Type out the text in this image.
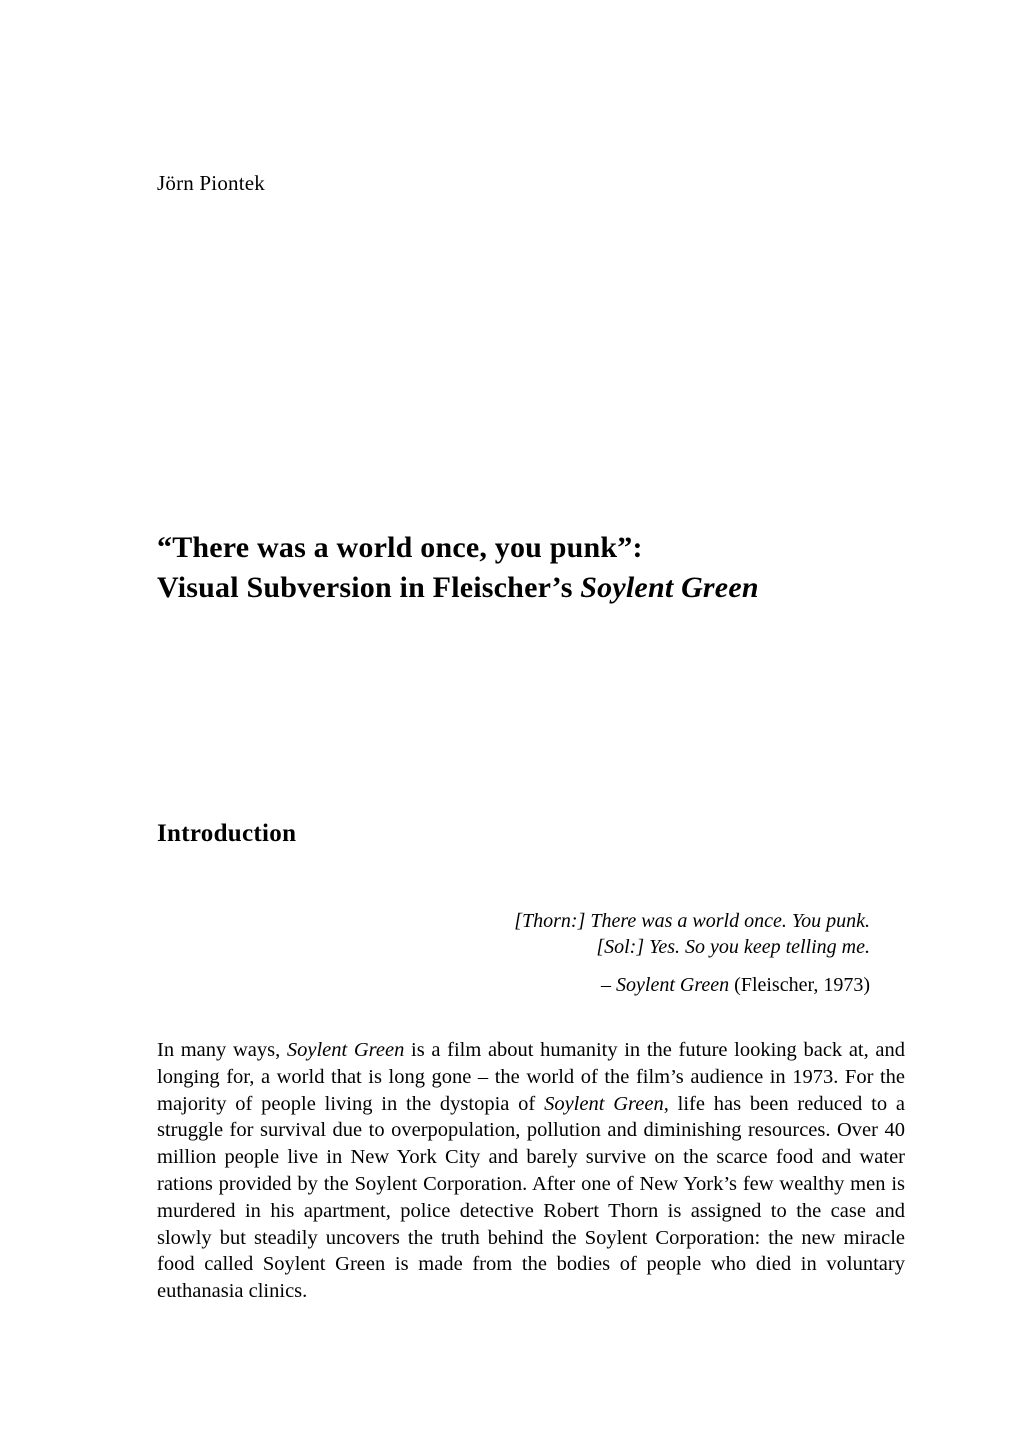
Jörn Piontek
“There was a world once, you punk”:
Visual Subversion in Fleischer’s Soylent Green
Introduction
[Thorn:] There was a world once. You punk.
[Sol:] Yes. So you keep telling me.
– Soylent Green (Fleischer, 1973)
In many ways, Soylent Green is a film about humanity in the future looking back at, and longing for, a world that is long gone – the world of the film’s audience in 1973. For the majority of people living in the dystopia of Soylent Green, life has been reduced to a struggle for survival due to overpopulation, pollution and diminishing resources. Over 40 million people live in New York City and barely survive on the scarce food and water rations provided by the Soylent Corporation. After one of New York’s few wealthy men is murdered in his apartment, police detective Robert Thorn is assigned to the case and slowly but steadily uncovers the truth behind the Soylent Corporation: the new miracle food called Soylent Green is made from the bodies of people who died in voluntary euthanasia clinics.
